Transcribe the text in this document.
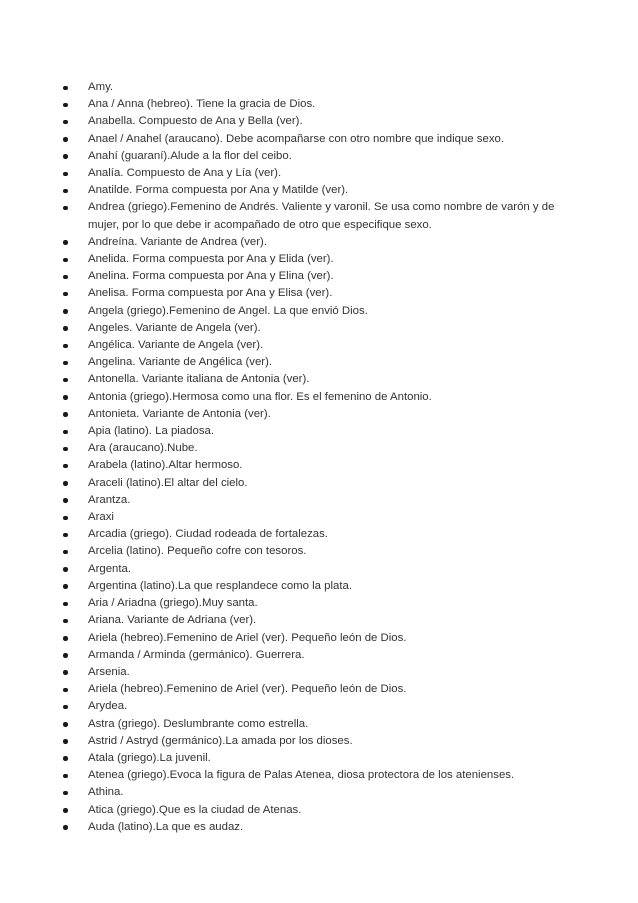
Amy.
Ana / Anna (hebreo). Tiene la gracia de Dios.
Anabella. Compuesto de Ana y Bella (ver).
Anael / Anahel (araucano). Debe acompañarse con otro nombre que indique sexo.
Anahí (guaraní).Alude a la flor del ceibo.
Analía. Compuesto de Ana y Lía (ver).
Anatilde. Forma compuesta por Ana y Matilde (ver).
Andrea (griego).Femenino de Andrés. Valiente y varonil. Se usa como nombre de varón y de mujer, por lo que debe ir acompañado de otro que especifique sexo.
Andreína. Variante de Andrea (ver).
Anelida. Forma compuesta por Ana y Elida (ver).
Anelina. Forma compuesta por Ana y Elina (ver).
Anelisa. Forma compuesta por Ana y Elisa (ver).
Angela (griego).Femenino de Angel. La que envió Dios.
Angeles. Variante de Angela (ver).
Angélica. Variante de Angela (ver).
Angelina. Variante de Angélica (ver).
Antonella. Variante italiana de Antonia (ver).
Antonia (griego).Hermosa como una flor. Es el femenino de Antonio.
Antonieta. Variante de Antonia (ver).
Apia (latino). La piadosa.
Ara (araucano).Nube.
Arabela (latino).Altar hermoso.
Araceli (latino).El altar del cielo.
Arantza.
Araxi
Arcadia (griego). Ciudad rodeada de fortalezas.
Arcelia (latino). Pequeño cofre con tesoros.
Argenta.
Argentina (latino).La que resplandece como la plata.
Aria / Ariadna (griego).Muy santa.
Ariana. Variante de Adriana (ver).
Ariela (hebreo).Femenino de Ariel (ver). Pequeño león de Dios.
Armanda / Arminda (germánico). Guerrera.
Arsenia.
Ariela (hebreo).Femenino de Ariel (ver). Pequeño león de Dios.
Arydea.
Astra (griego). Deslumbrante como estrella.
Astrid / Astryd (germánico).La amada por los dioses.
Atala (griego).La juvenil.
Atenea (griego).Evoca la figura de Palas Atenea, diosa protectora de los atenienses.
Athina.
Atica (griego).Que es la ciudad de Atenas.
Auda (latino).La que es audaz.
